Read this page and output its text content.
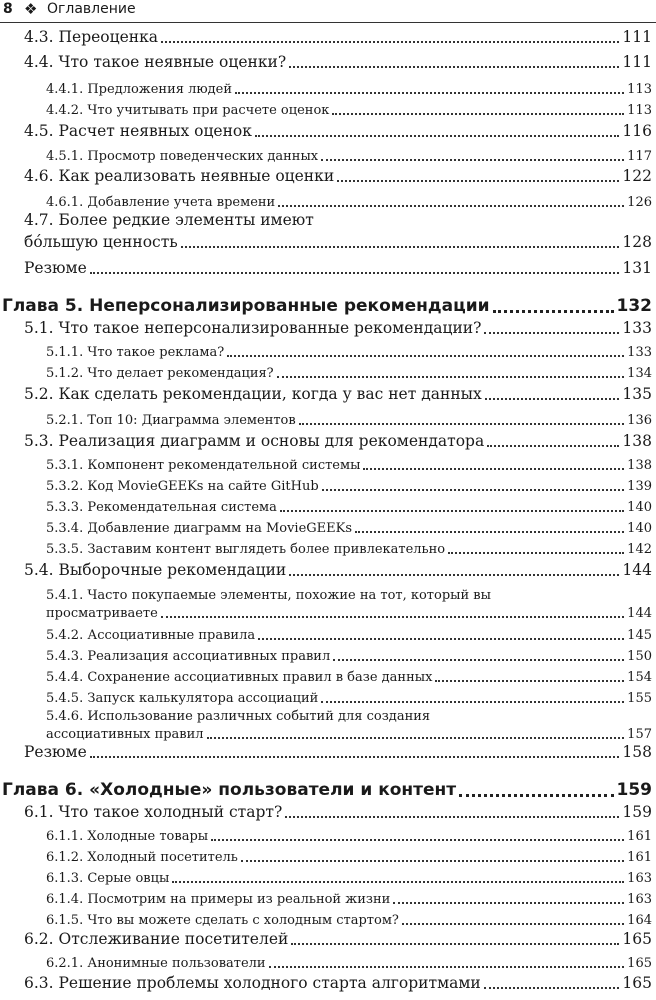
8 ❖ Оглавление
4.3. Переоценка	111
4.4. Что такое неявные оценки?	111
4.4.1. Предложения людей	113
4.4.2. Что учитывать при расчете оценок	113
4.5. Расчет неявных оценок	116
4.5.1. Просмотр поведенческих данных	117
4.6. Как реализовать неявные оценки	122
4.6.1. Добавление учета времени	126
4.7. Более редкие элементы имеют
бо́льшую ценность	128
Резюме	131
Глава 5. Неперсонализированные рекомендации	132
5.1. Что такое неперсонализированные рекомендации?	133
5.1.1. Что такое реклама?	133
5.1.2. Что делает рекомендация?	134
5.2. Как сделать рекомендации, когда у вас нет данных	135
5.2.1. Топ 10: Диаграмма элементов	136
5.3. Реализация диаграмм и основы для рекомендатора	138
5.3.1. Компонент рекомендательной системы	138
5.3.2. Код MovieGEEKs на сайте GitHub	139
5.3.3. Рекомендательная система	140
5.3.4. Добавление диаграмм на MovieGEEKs	140
5.3.5. Заставим контент выглядеть более привлекательно	142
5.4. Выборочные рекомендации	144
5.4.1. Часто покупаемые элементы, похожие на тот, который вы
просматриваете	144
5.4.2. Ассоциативные правила	145
5.4.3. Реализация ассоциативных правил	150
5.4.4. Сохранение ассоциативных правил в базе данных	154
5.4.5. Запуск калькулятора ассоциаций	155
5.4.6. Использование различных событий для создания
ассоциативных правил	157
Резюме	158
Глава 6. «Холодные» пользователи и контент	159
6.1. Что такое холодный старт?	159
6.1.1. Холодные товары	161
6.1.2. Холодный посетитель	161
6.1.3. Серые овцы	163
6.1.4. Посмотрим на примеры из реальной жизни	163
6.1.5. Что вы можете сделать с холодным стартом?	164
6.2. Отслеживание посетителей	165
6.2.1. Анонимные пользователи	165
6.3. Решение проблемы холодного старта алгоритмами	165
